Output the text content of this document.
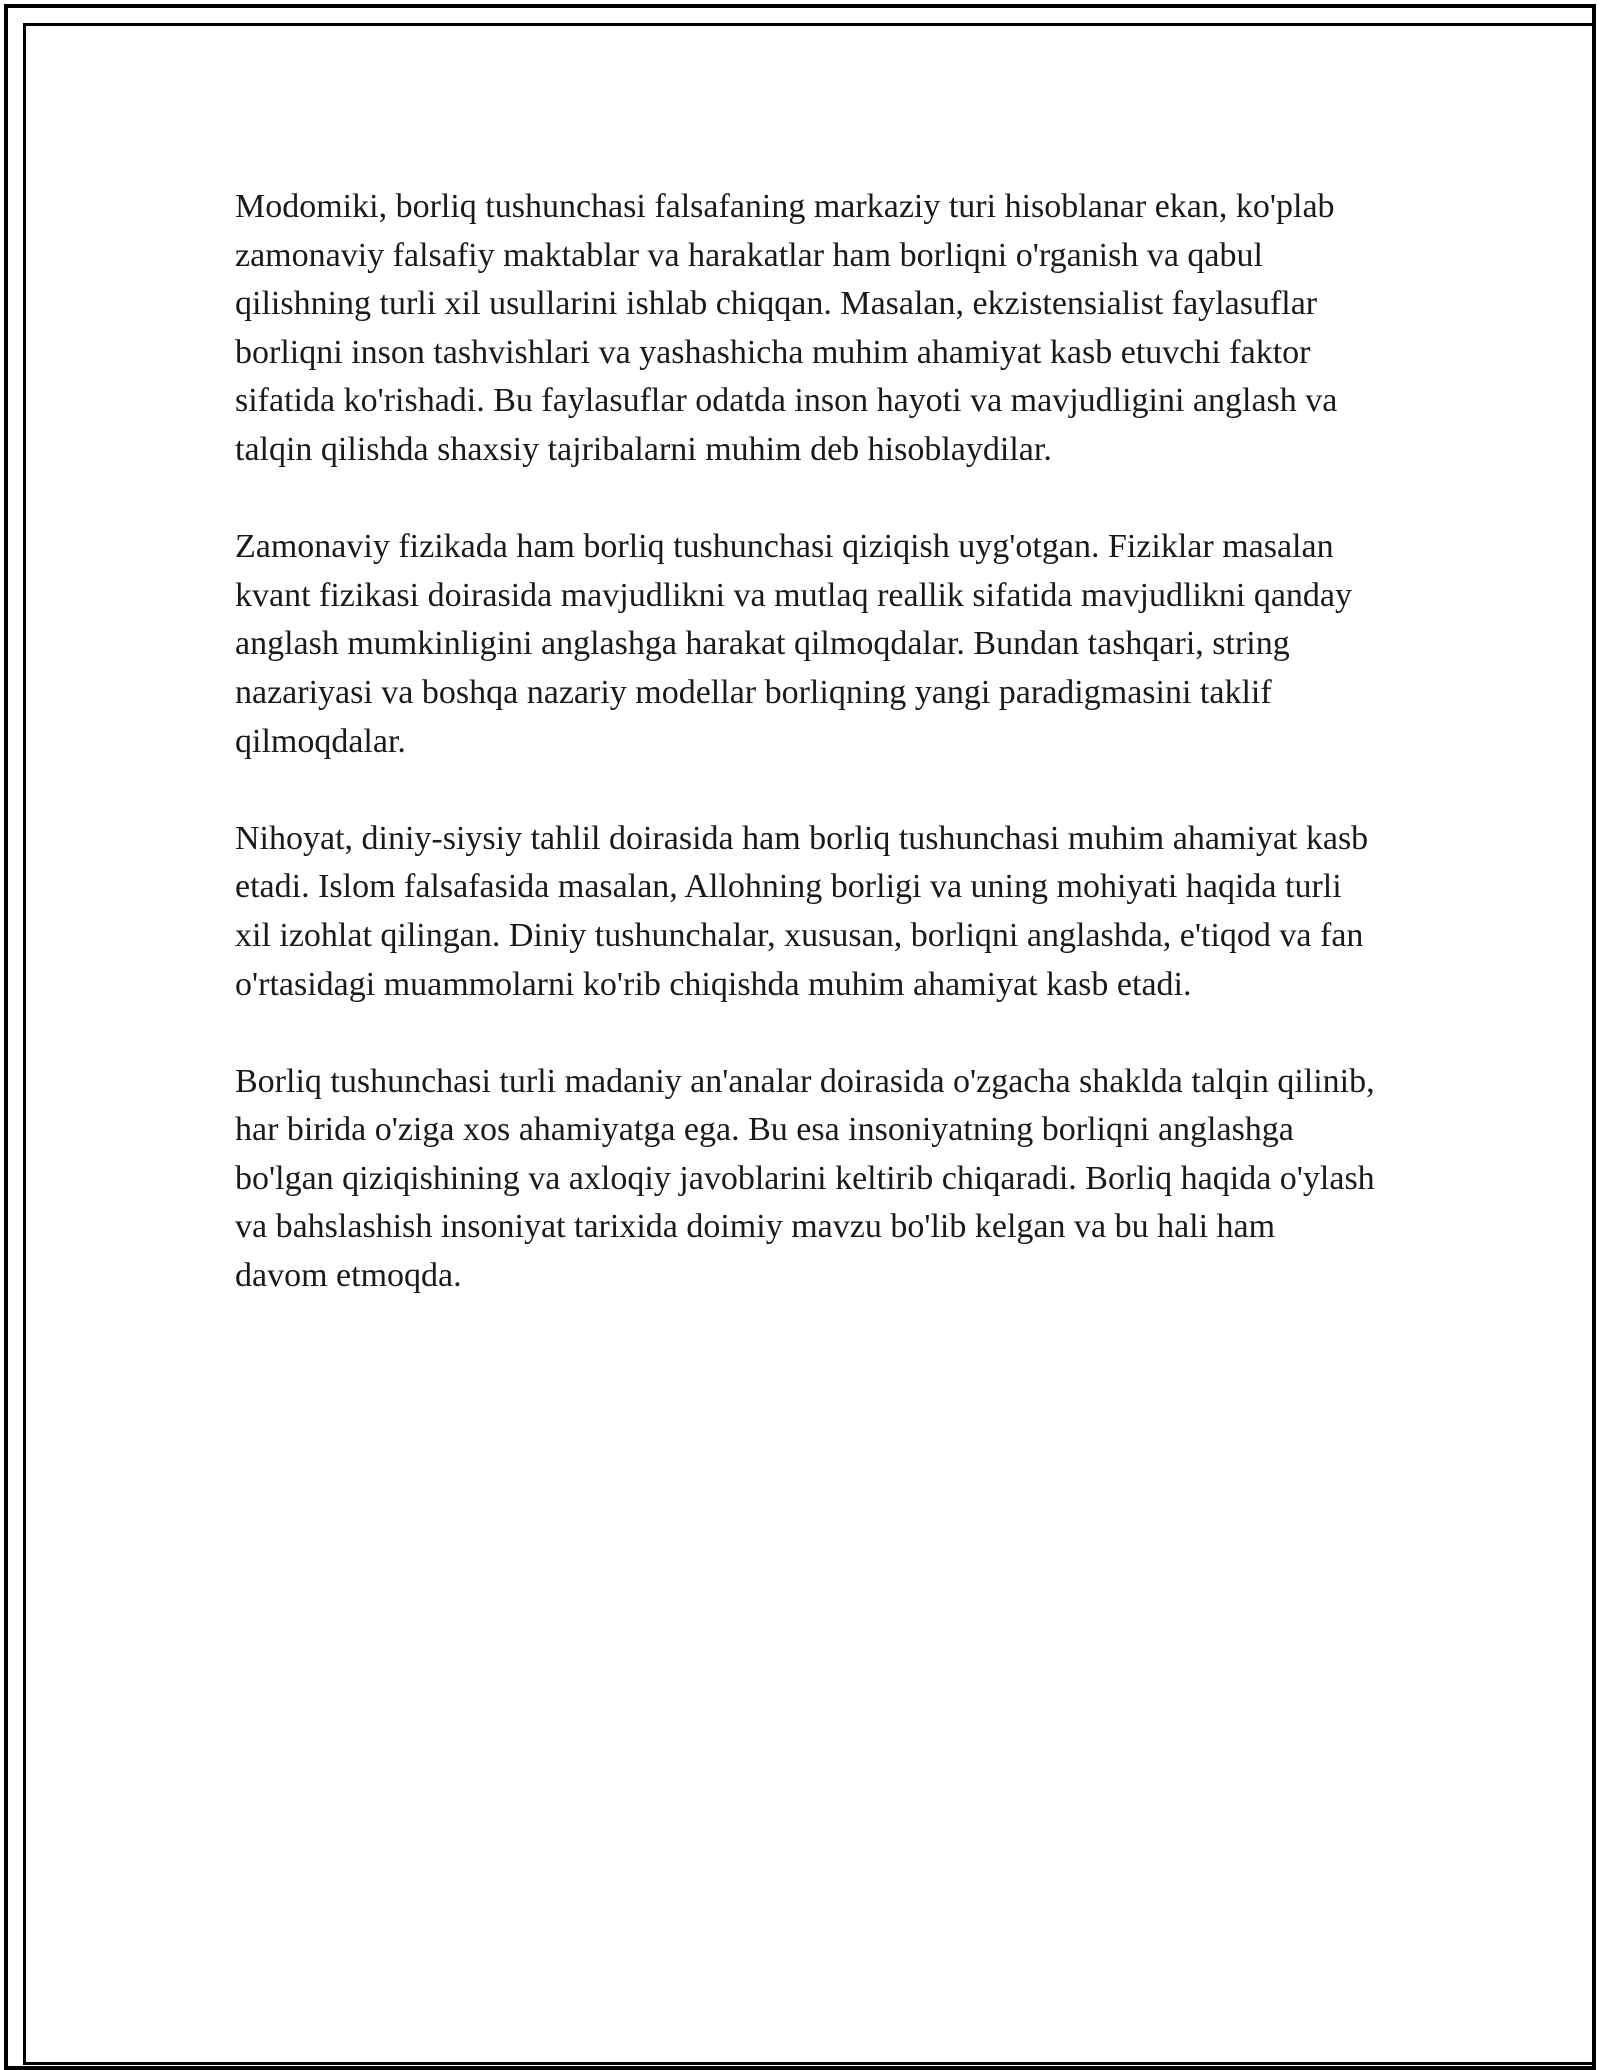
Modomiki, borliq tushunchasi falsafaning markaziy turi hisoblanar ekan, ko'plab zamonaviy falsafiy maktablar va harakatlar ham borliqni o'rganish va qabul qilishning turli xil usullarini ishlab chiqqan. Masalan, ekzistensialist faylasuflar borliqni inson tashvishlari va yashashicha muhim ahamiyat kasb etuvchi faktor sifatida ko'rishadi. Bu faylasuflar odatda inson hayoti va mavjudligini anglash va talqin qilishda shaxsiy tajribalarni muhim deb hisoblaydilar.

Zamonaviy fizikada ham borliq tushunchasi qiziqish uyg'otgan. Fiziklar masalan kvant fizikasi doirasida mavjudlikni va mutlaq reallik sifatida mavjudlikni qanday anglash mumkinligini anglashga harakat qilmoqdalar. Bundan tashqari, string nazariyasi va boshqa nazariy modellar borliqning yangi paradigmasini taklif qilmoqdalar.

Nihoyat, diniy-siysiy tahlil doirasida ham borliq tushunchasi muhim ahamiyat kasb etadi. Islom falsafasida masalan, Allohning borligi va uning mohiyati haqida turli xil izohlat qilingan. Diniy tushunchalar, xususan, borliqni anglashda, e'tiqod va fan o'rtasidagi muammolarni ko'rib chiqishda muhim ahamiyat kasb etadi.

Borliq tushunchasi turli madaniy an'analar doirasida o'zgacha shaklda talqin qilinib, har birida o'ziga xos ahamiyatga ega. Bu esa insoniyatning borliqni anglashga bo'lgan qiziqishining va axloqiy javoblarini keltirib chiqaradi. Borliq haqida o'ylash va bahslashish insoniyat tarixida doimiy mavzu bo'lib kelgan va bu hali ham davom etmoqda.
